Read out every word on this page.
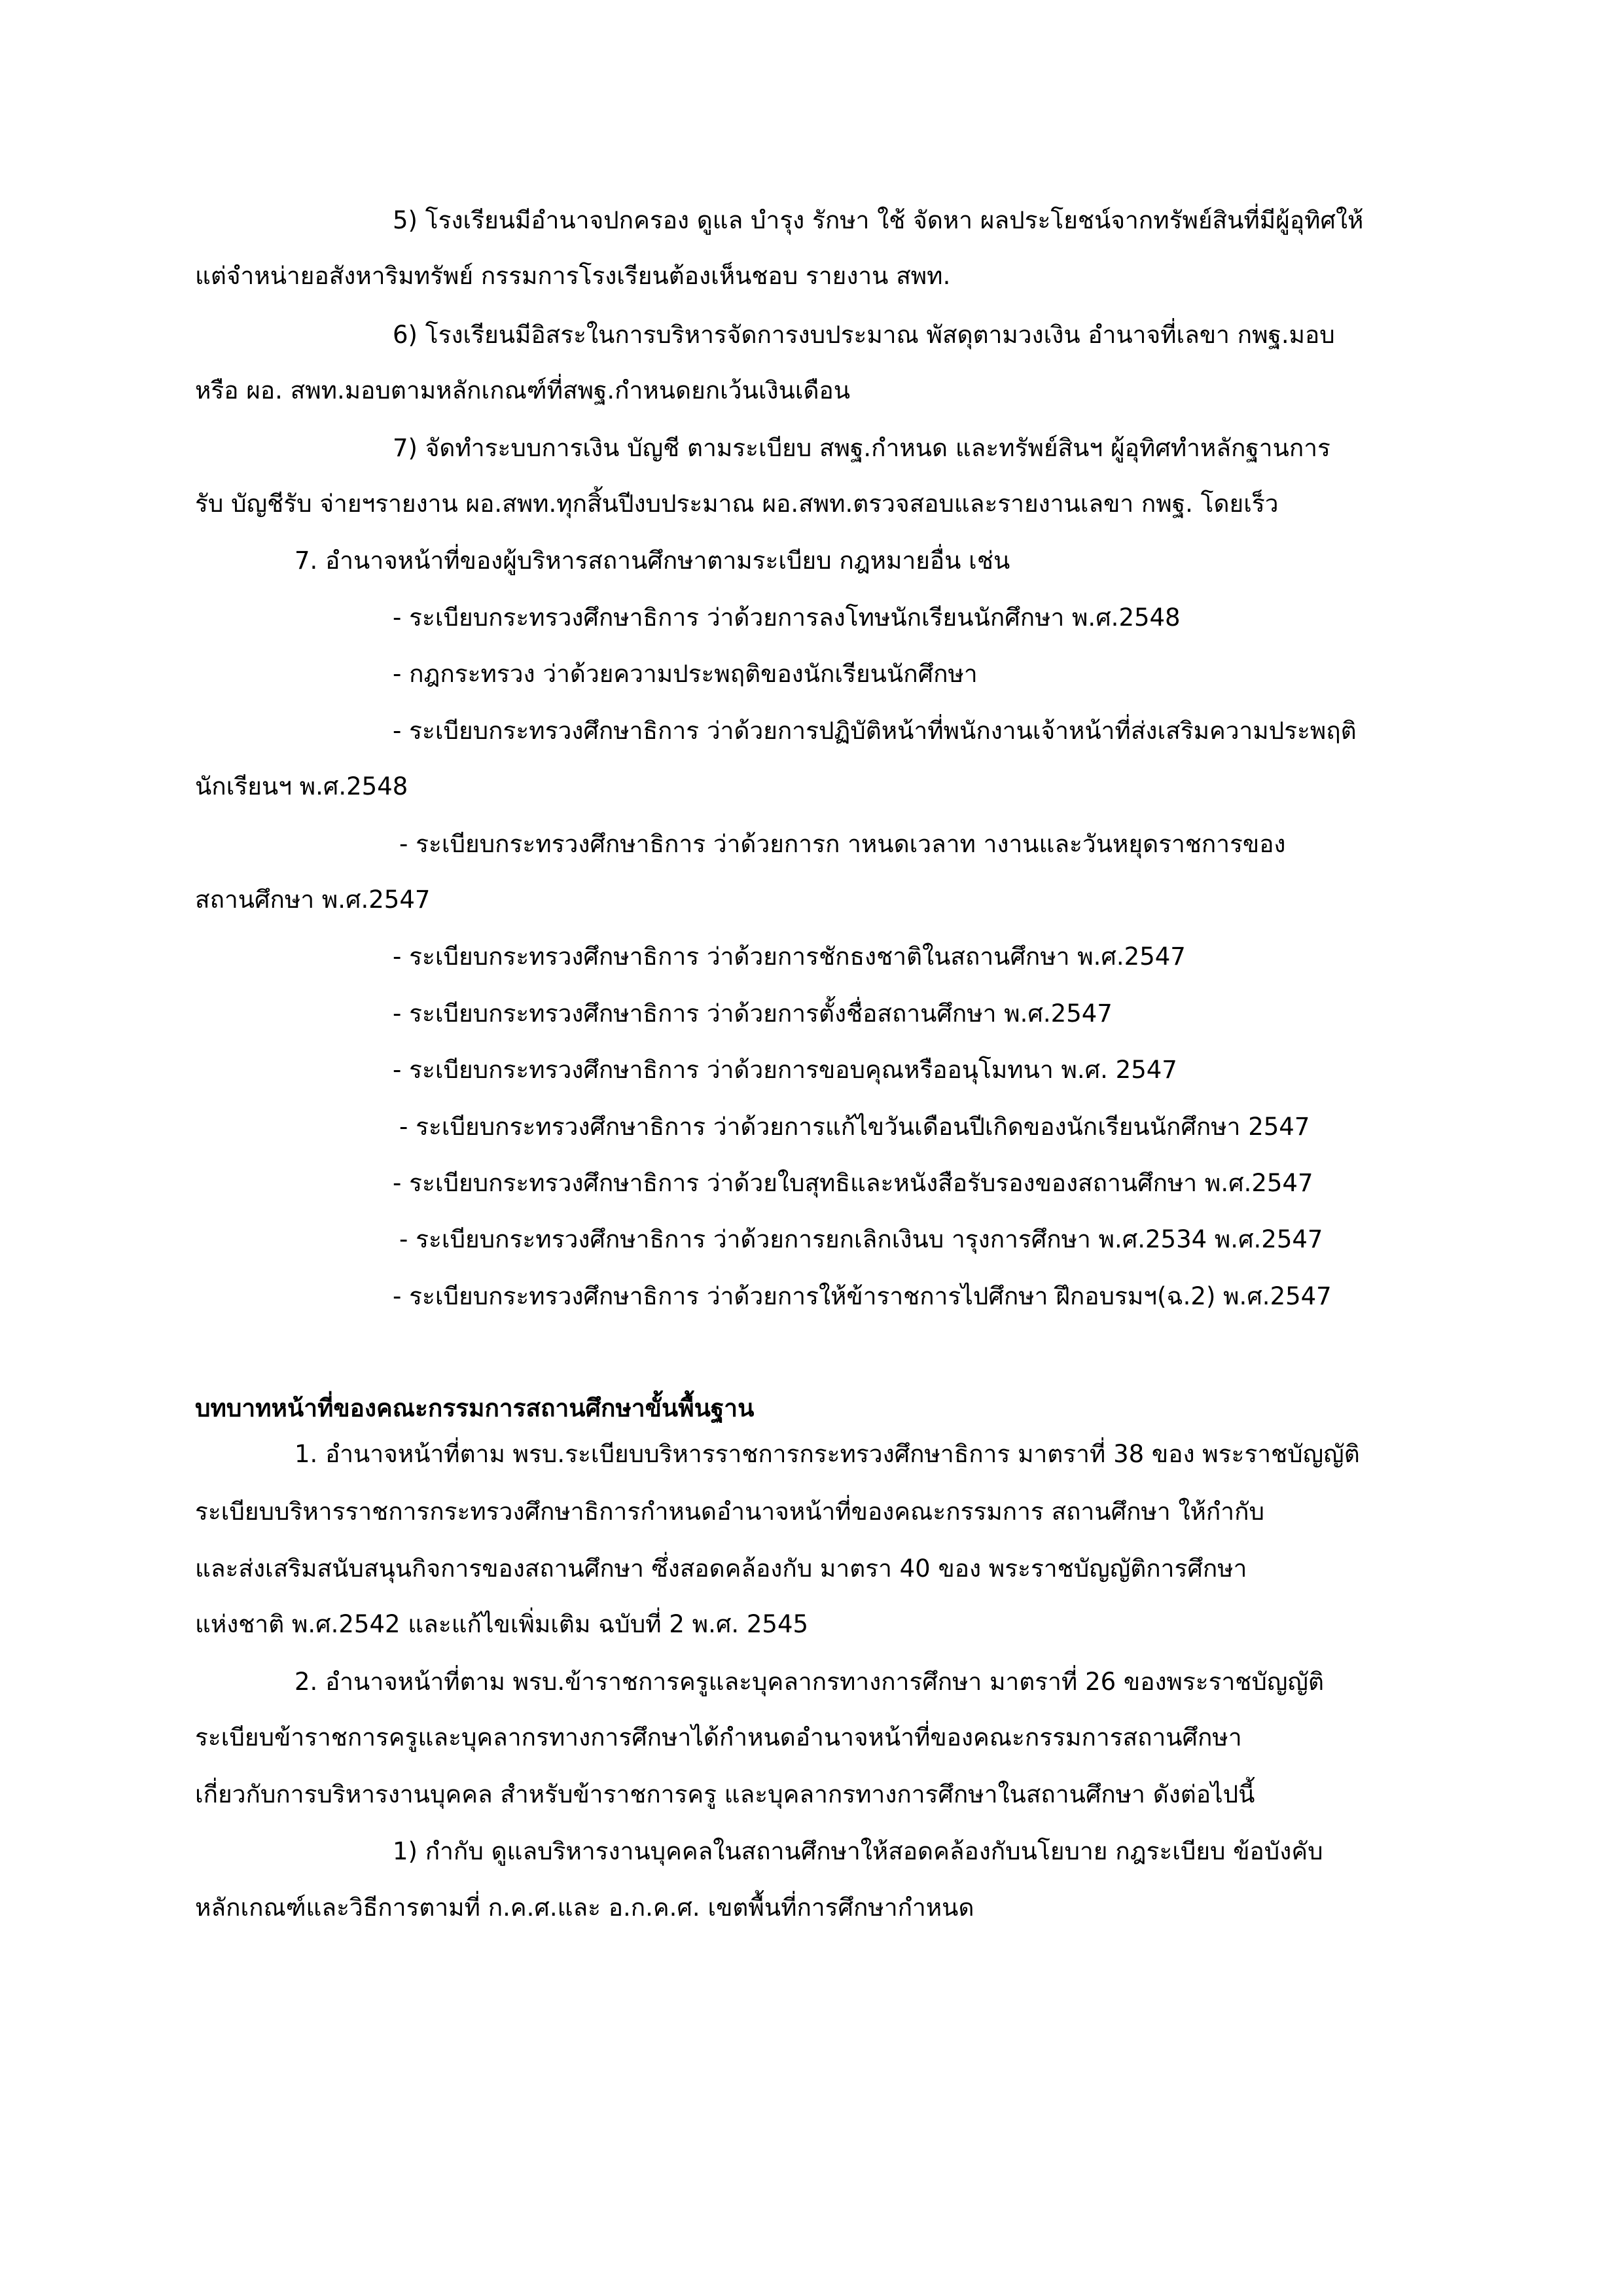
5) โรงเรียนมีอำนาจปกครอง ดูแล บำรุง รักษา ใช้ จัดหา ผลประโยชน์จากทรัพย์สินที่มีผู้อุทิศให้

แต่จำหน่ายอสังหาริมทรัพย์ กรรมการโรงเรียนต้องเห็นชอบ รายงาน สพท.

6) โรงเรียนมีอิสระในการบริหารจัดการงบประมาณ พัสดุตามวงเงิน อำนาจที่เลขา กพฐ.มอบ

หรือ ผอ. สพท.มอบตามหลักเกณฑ์ที่สพฐ.กำหนดยกเว้นเงินเดือน

7) จัดทำระบบการเงิน บัญชี ตามระเบียบ สพฐ.กำหนด และทรัพย์สินฯ ผู้อุทิศทำหลักฐานการ

รับ บัญชีรับ จ่ายฯรายงาน ผอ.สพท.ทุกสิ้นปีงบประมาณ ผอ.สพท.ตรวจสอบและรายงานเลขา กพฐ. โดยเร็ว

7. อำนาจหน้าที่ของผู้บริหารสถานศึกษาตามระเบียบ กฎหมายอื่น เช่น

- ระเบียบกระทรวงศึกษาธิการ ว่าด้วยการลงโทษนักเรียนนักศึกษา พ.ศ.2548

- กฎกระทรวง ว่าด้วยความประพฤติของนักเรียนนักศึกษา

- ระเบียบกระทรวงศึกษาธิการ ว่าด้วยการปฏิบัติหน้าที่พนักงานเจ้าหน้าที่ส่งเสริมความประพฤติ

นักเรียนฯ พ.ศ.2548

- ระเบียบกระทรวงศึกษาธิการ ว่าด้วยการก าหนดเวลาท างานและวันหยุดราชการของ

สถานศึกษา พ.ศ.2547

- ระเบียบกระทรวงศึกษาธิการ ว่าด้วยการชักธงชาติในสถานศึกษา พ.ศ.2547

- ระเบียบกระทรวงศึกษาธิการ ว่าด้วยการตั้งชื่อสถานศึกษา พ.ศ.2547

- ระเบียบกระทรวงศึกษาธิการ ว่าด้วยการขอบคุณหรืออนุโมทนา พ.ศ. 2547

- ระเบียบกระทรวงศึกษาธิการ ว่าด้วยการแก้ไขวันเดือนปีเกิดของนักเรียนนักศึกษา 2547

- ระเบียบกระทรวงศึกษาธิการ ว่าด้วยใบสุทธิและหนังสือรับรองของสถานศึกษา พ.ศ.2547

- ระเบียบกระทรวงศึกษาธิการ ว่าด้วยการยกเลิกเงินบ ารุงการศึกษา พ.ศ.2534 พ.ศ.2547

- ระเบียบกระทรวงศึกษาธิการ ว่าด้วยการให้ข้าราชการไปศึกษา ฝึกอบรมฯ(ฉ.2) พ.ศ.2547

บทบาทหน้าที่ของคณะกรรมการสถานศึกษาขั้นพื้นฐาน

1. อำนาจหน้าที่ตาม พรบ.ระเบียบบริหารราชการกระทรวงศึกษาธิการ มาตราที่ 38 ของ พระราชบัญญัติ

ระเบียบบริหารราชการกระทรวงศึกษาธิการกำหนดอำนาจหน้าที่ของคณะกรรมการ สถานศึกษา ให้กำกับ

และส่งเสริมสนับสนุนกิจการของสถานศึกษา ซึ่งสอดคล้องกับ มาตรา 40 ของ พระราชบัญญัติการศึกษา

แห่งชาติ พ.ศ.2542 และแก้ไขเพิ่มเติม ฉบับที่ 2 พ.ศ. 2545

2. อำนาจหน้าที่ตาม พรบ.ข้าราชการครูและบุคลากรทางการศึกษา มาตราที่ 26 ของพระราชบัญญัติ

ระเบียบข้าราชการครูและบุคลากรทางการศึกษาได้กำหนดอำนาจหน้าที่ของคณะกรรมการสถานศึกษา

เกี่ยวกับการบริหารงานบุคคล สำหรับข้าราชการครู และบุคลากรทางการศึกษาในสถานศึกษา ดังต่อไปนี้

1) กำกับ ดูแลบริหารงานบุคคลในสถานศึกษาให้สอดคล้องกับนโยบาย กฎระเบียบ ข้อบังคับ

หลักเกณฑ์และวิธีการตามที่ ก.ค.ศ.และ อ.ก.ค.ศ. เขตพื้นที่การศึกษากำหนด
